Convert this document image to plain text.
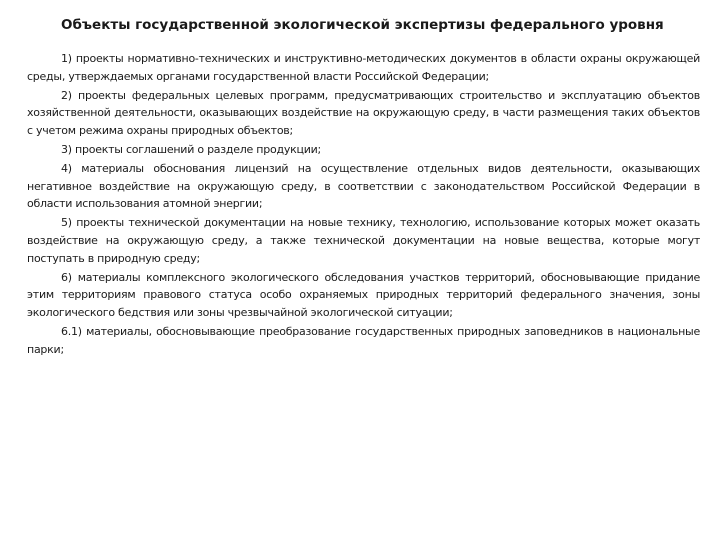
Объекты государственной экологической экспертизы федерального уровня

1) проекты нормативно-технических и инструктивно-методических документов в области охраны окружающей среды, утверждаемых органами государственной власти Российской Федерации;

2) проекты федеральных целевых программ, предусматривающих строительство и эксплуатацию объектов хозяйственной деятельности, оказывающих воздействие на окружающую среду, в части размещения таких объектов с учетом режима охраны природных объектов;

3) проекты соглашений о разделе продукции;

4) материалы обоснования лицензий на осуществление отдельных видов деятельности, оказывающих негативное воздействие на окружающую среду, в соответствии с законодательством Российской Федерации в области использования атомной энергии;

5) проекты технической документации на новые технику, технологию, использование которых может оказать воздействие на окружающую среду, а также технической документации на новые вещества, которые могут поступать в природную среду;

6) материалы комплексного экологического обследования участков территорий, обосновывающие придание этим территориям правового статуса особо охраняемых природных территорий федерального значения, зоны экологического бедствия или зоны чрезвычайной экологической ситуации;

6.1) материалы, обосновывающие преобразование государственных природных заповедников в национальные парки;
